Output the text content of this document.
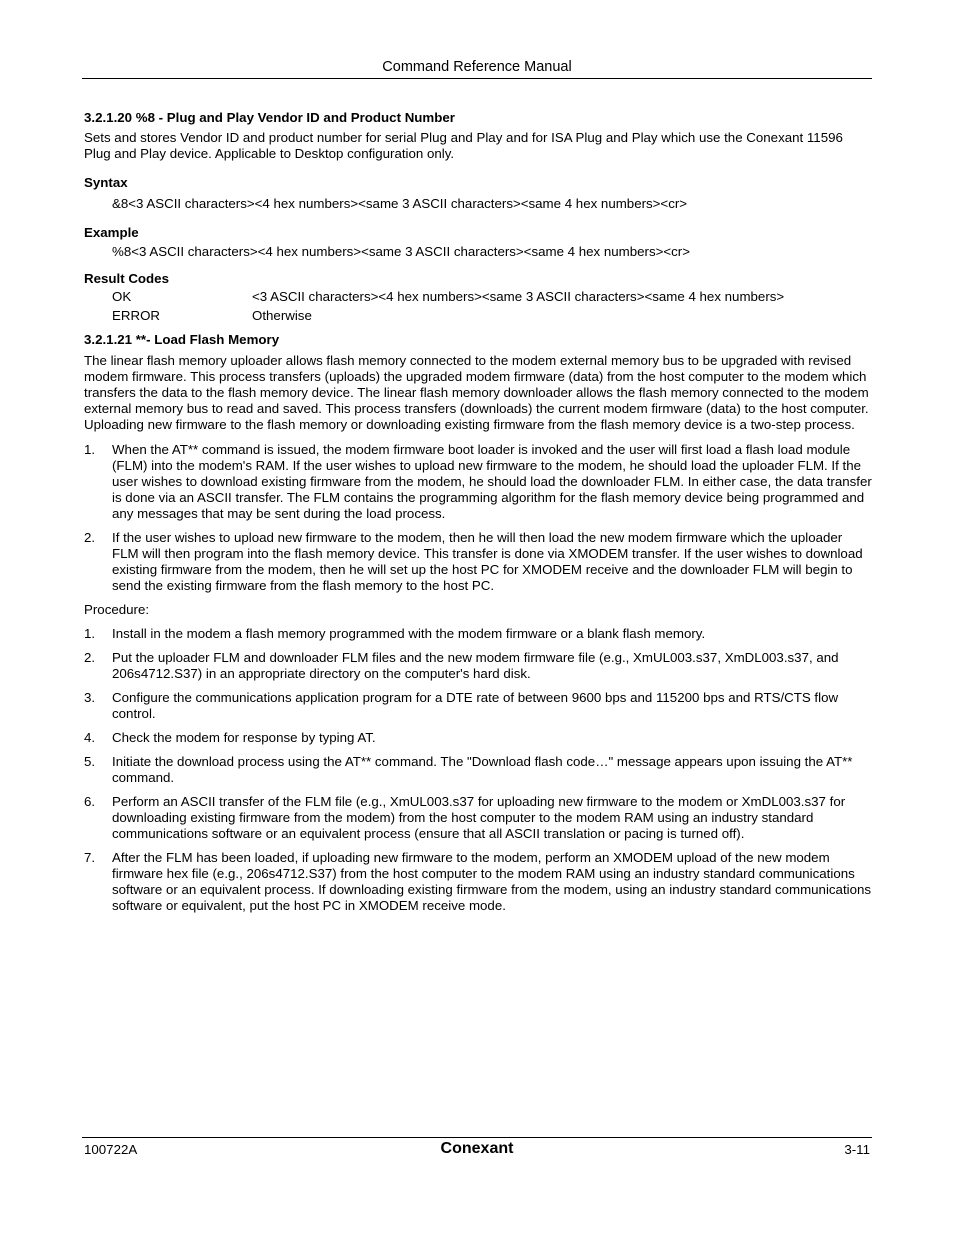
Command Reference Manual
3.2.1.20 %8 - Plug and Play Vendor ID and Product Number

Sets and stores Vendor ID and product number for serial Plug and Play and for ISA Plug and Play which use the Conexant 11596 Plug and Play device. Applicable to Desktop configuration only.

Syntax
&8<3 ASCII characters><4 hex numbers><same 3 ASCII characters><same 4 hex numbers><cr>
Example
%8<3 ASCII characters><4 hex numbers><same 3 ASCII characters><same 4 hex numbers><cr>
Result Codes
OK	<3 ASCII characters><4 hex numbers><same 3 ASCII characters><same 4 hex numbers>
ERROR	Otherwise
3.2.1.21 **- Load Flash Memory

The linear flash memory uploader allows flash memory connected to the modem external memory bus to be upgraded with revised modem firmware. This process transfers (uploads) the upgraded modem firmware (data) from the host computer to the modem which transfers the data to the flash memory device. The linear flash memory downloader allows the flash memory connected to the modem external memory bus to read and saved. This process transfers (downloads) the current modem firmware (data) to the host computer. Uploading new firmware to the flash memory or downloading existing firmware from the flash memory device is a two-step process.

1. When the AT** command is issued, the modem firmware boot loader is invoked and the user will first load a flash load module (FLM) into the modem's RAM. If the user wishes to upload new firmware to the modem, he should load the uploader FLM. If the user wishes to download existing firmware from the modem, he should load the downloader FLM. In either case, the data transfer is done via an ASCII transfer. The FLM contains the programming algorithm for the flash memory device being programmed and any messages that may be sent during the load process.
2. If the user wishes to upload new firmware to the modem, then he will then load the new modem firmware which the uploader FLM will then program into the flash memory device. This transfer is done via XMODEM transfer. If the user wishes to download existing firmware from the modem, then he will set up the host PC for XMODEM receive and the downloader FLM will begin to send the existing firmware from the flash memory to the host PC.

Procedure:

1. Install in the modem a flash memory programmed with the modem firmware or a blank flash memory.
2. Put the uploader FLM and downloader FLM files and the new modem firmware file (e.g., XmUL003.s37, XmDL003.s37, and 206s4712.S37) in an appropriate directory on the computer's hard disk.
3. Configure the communications application program for a DTE rate of between 9600 bps and 115200 bps and RTS/CTS flow control.
4. Check the modem for response by typing AT.
5. Initiate the download process using the AT** command. The "Download flash code…" message appears upon issuing the AT** command.
6. Perform an ASCII transfer of the FLM file (e.g., XmUL003.s37 for uploading new firmware to the modem or XmDL003.s37 for downloading existing firmware from the modem) from the host computer to the modem RAM using an industry standard communications software or an equivalent process (ensure that all ASCII translation or pacing is turned off).
7. After the FLM has been loaded, if uploading new firmware to the modem, perform an XMODEM upload of the new modem firmware hex file (e.g., 206s4712.S37) from the host computer to the modem RAM using an industry standard communications software or an equivalent process. If downloading existing firmware from the modem, using an industry standard communications software or equivalent, put the host PC in XMODEM receive mode.
100722A	Conexant	3-11
